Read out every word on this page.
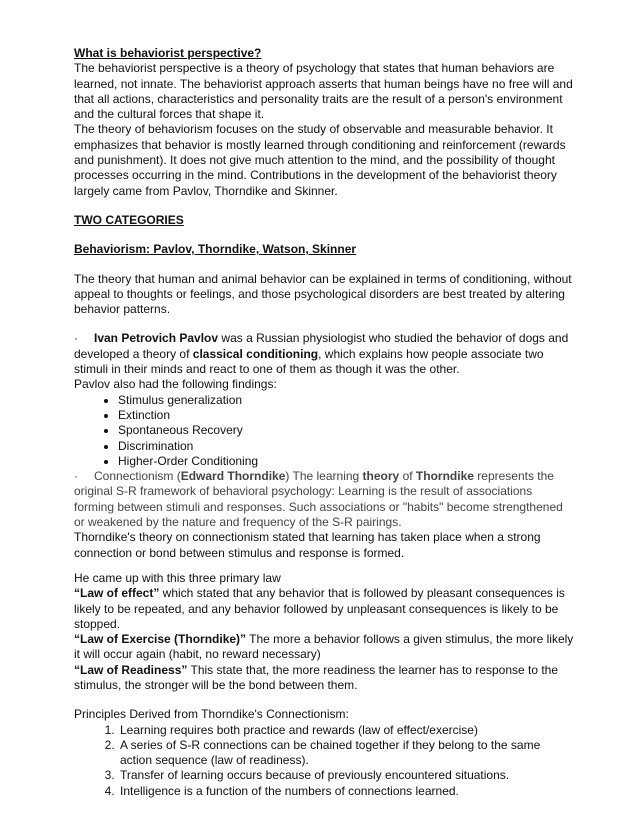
What is behaviorist perspective?

The behaviorist perspective is a theory of psychology that states that human behaviors are learned, not innate. The behaviorist approach asserts that human beings have no free will and that all actions, characteristics and personality traits are the result of a person's environment and the cultural forces that shape it.

The theory of behaviorism focuses on the study of observable and measurable behavior. It emphasizes that behavior is mostly learned through conditioning and reinforcement (rewards and punishment). It does not give much attention to the mind, and the possibility of thought processes occurring in the mind. Contributions in the development of the behaviorist theory largely came from Pavlov, Thorndike and Skinner.

TWO CATEGORIES

Behaviorism: Pavlov, Thorndike, Watson, Skinner

The theory that human and animal behavior can be explained in terms of conditioning, without appeal to thoughts or feelings, and those psychological disorders are best treated by altering behavior patterns.

· Ivan Petrovich Pavlov was a Russian physiologist who studied the behavior of dogs and developed a theory of classical conditioning, which explains how people associate two stimuli in their minds and react to one of them as though it was the other.

Pavlov also had the following findings:

• Stimulus generalization
• Extinction
• Spontaneous Recovery
• Discrimination
• Higher-Order Conditioning

· Connectionism (Edward Thorndike) The learning theory of Thorndike represents the original S-R framework of behavioral psychology: Learning is the result of associations forming between stimuli and responses. Such associations or "habits" become strengthened or weakened by the nature and frequency of the S-R pairings.

Thorndike's theory on connectionism stated that learning has taken place when a strong connection or bond between stimulus and response is formed.

He came up with this three primary law

“Law of effect” which stated that any behavior that is followed by pleasant consequences is likely to be repeated, and any behavior followed by unpleasant consequences is likely to be stopped.

“Law of Exercise (Thorndike)” The more a behavior follows a given stimulus, the more likely it will occur again (habit, no reward necessary)

“Law of Readiness” This state that, the more readiness the learner has to response to the stimulus, the stronger will be the bond between them.

Principles Derived from Thorndike's Connectionism:

1. Learning requires both practice and rewards (law of effect/exercise)
2. A series of S-R connections can be chained together if they belong to the same action sequence (law of readiness).
3. Transfer of learning occurs because of previously encountered situations.
4. Intelligence is a function of the numbers of connections learned.
